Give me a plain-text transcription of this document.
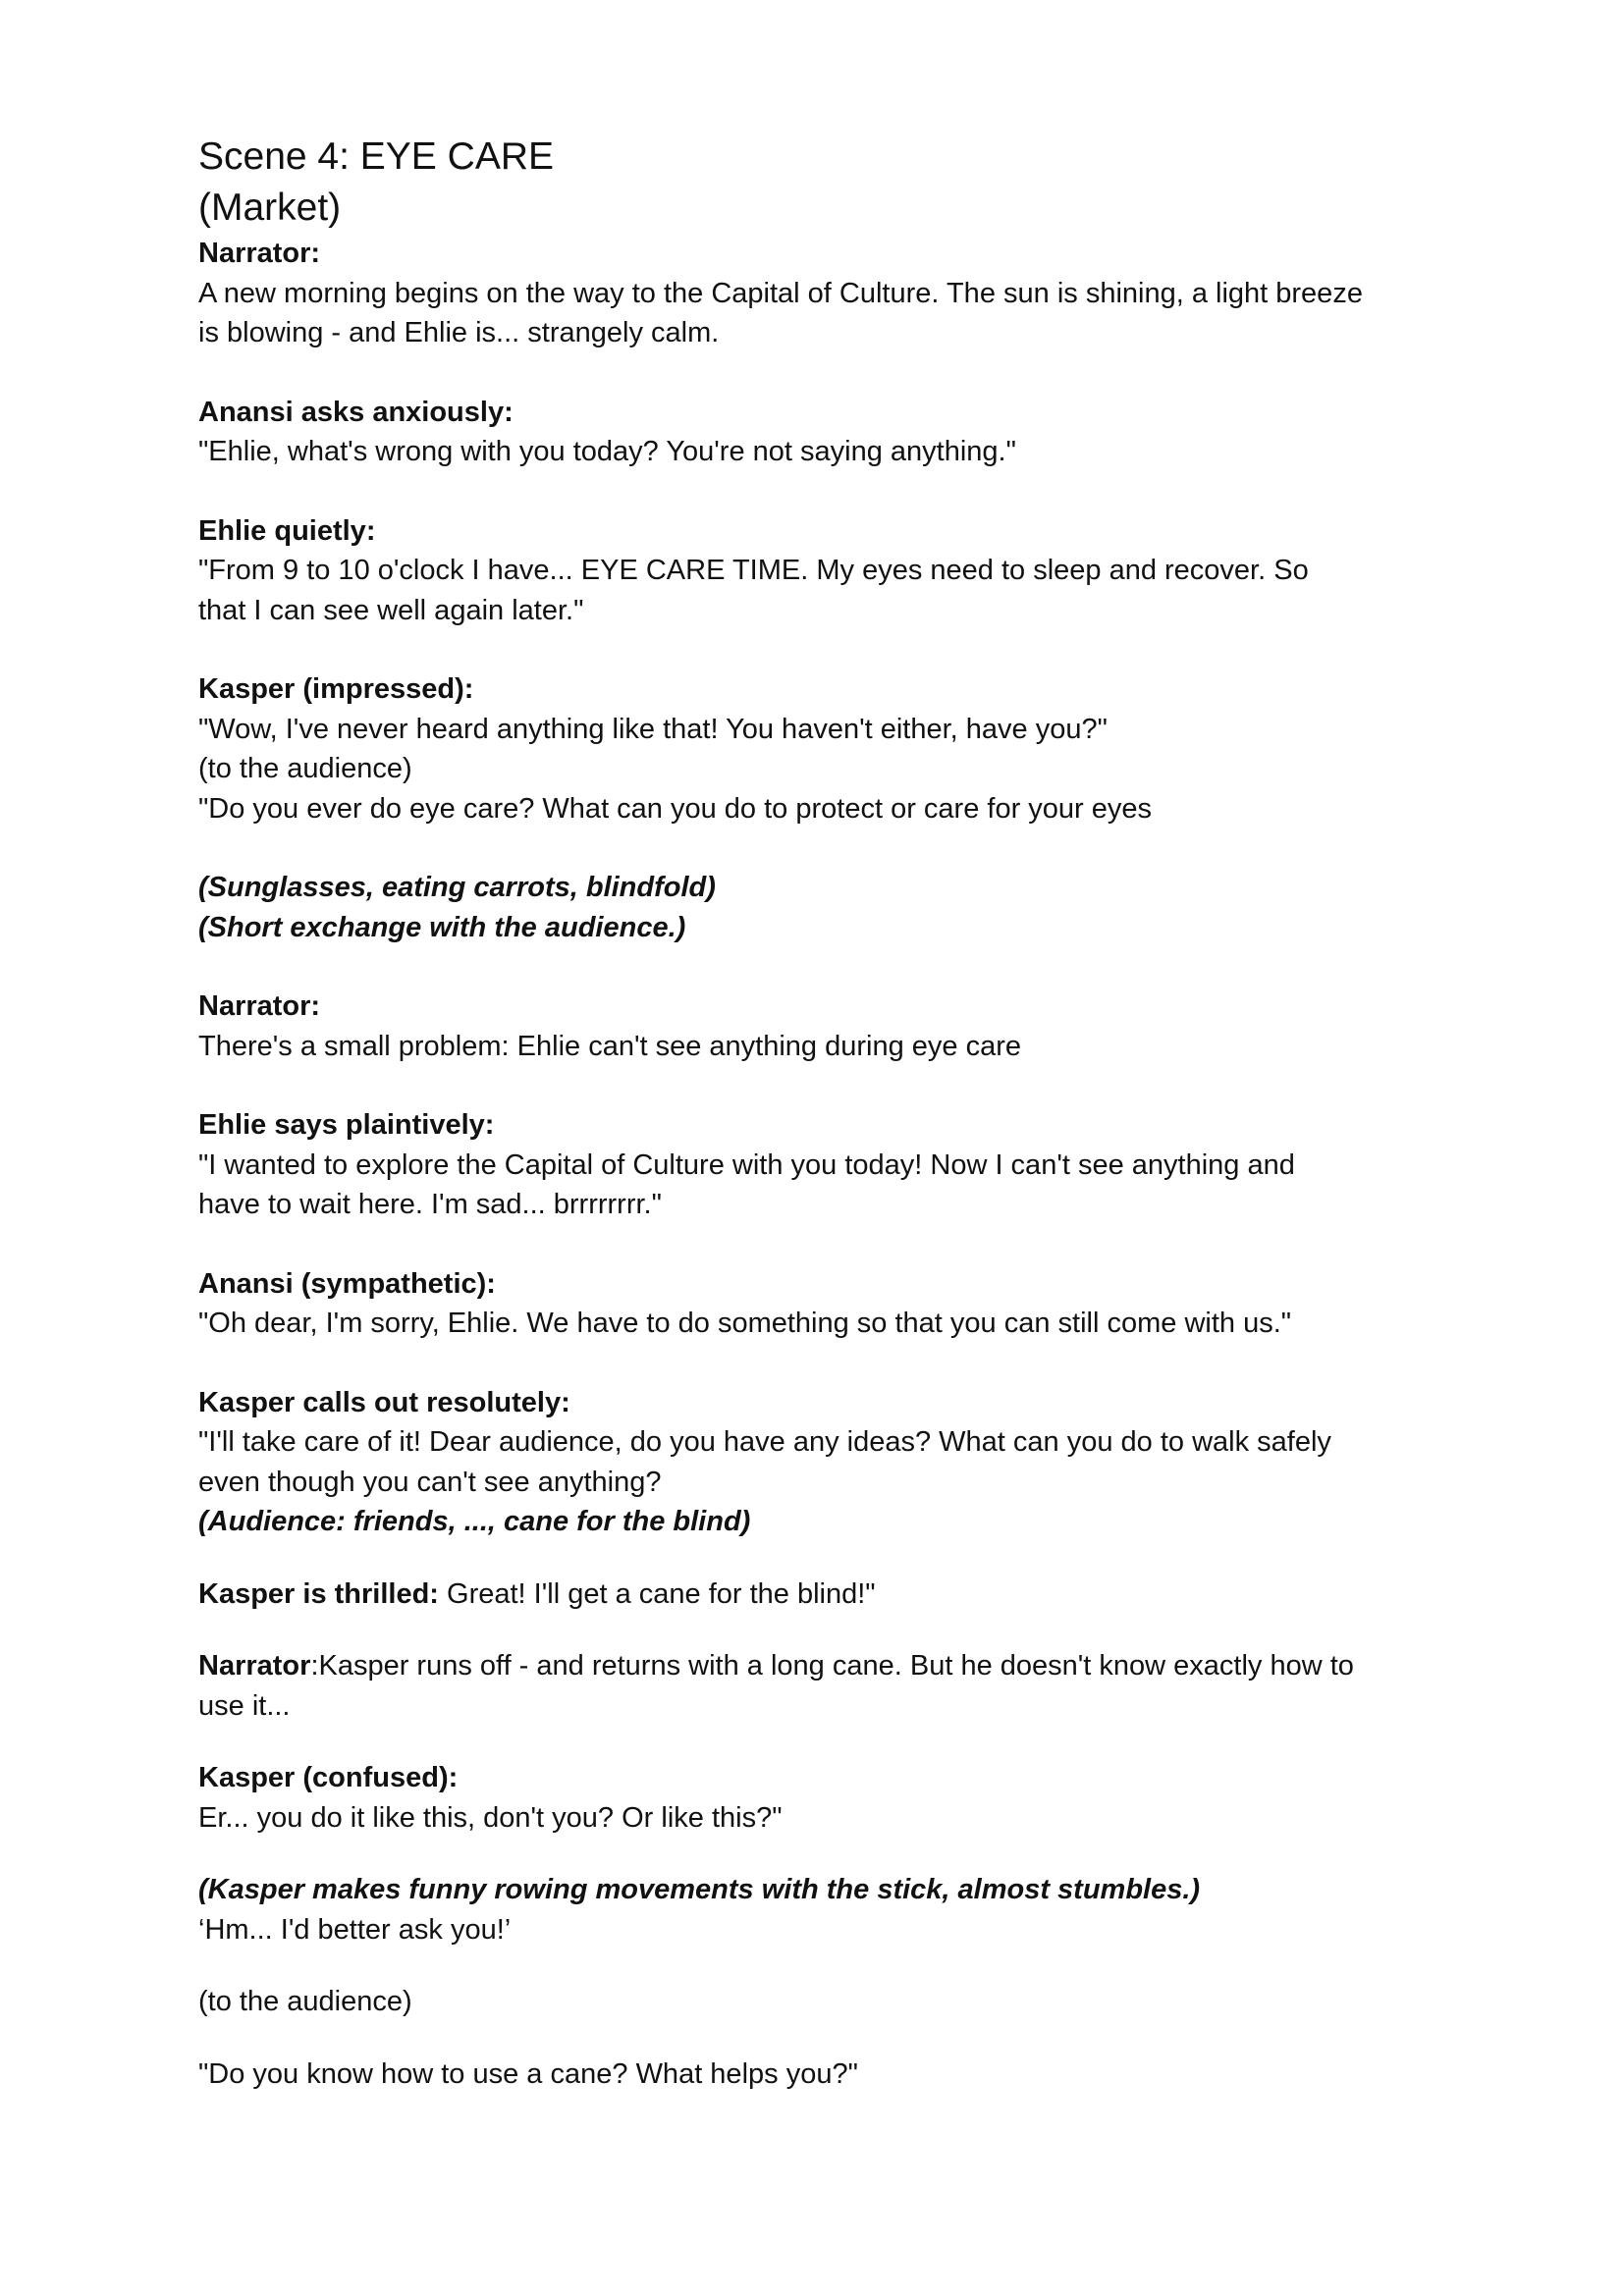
Scene 4: EYE CARE
(Market)
Narrator:
A new morning begins on the way to the Capital of Culture. The sun is shining, a light breeze
is blowing - and Ehlie is... strangely calm.
Anansi asks anxiously:
"Ehlie, what's wrong with you today? You're not saying anything."
Ehlie quietly:
"From 9 to 10 o'clock I have... EYE CARE TIME. My eyes need to sleep and recover. So
that I can see well again later."
Kasper (impressed):
"Wow, I've never heard anything like that! You haven't either, have you?"
(to the audience)
"Do you ever do eye care? What can you do to protect or care for your eyes
(Sunglasses, eating carrots, blindfold)
(Short exchange with the audience.)
Narrator:
There's a small problem: Ehlie can't see anything during eye care
Ehlie says plaintively:
"I wanted to explore the Capital of Culture with you today! Now I can't see anything and
have to wait here. I'm sad... brrrrrrrr."
Anansi (sympathetic):
"Oh dear, I'm sorry, Ehlie. We have to do something so that you can still come with us."
Kasper calls out resolutely:
"I'll take care of it! Dear audience, do you have any ideas? What can you do to walk safely
even though you can't see anything?
(Audience: friends, ..., cane for the blind)
Kasper is thrilled: Great! I'll get a cane for the blind!"
Narrator:Kasper runs off - and returns with a long cane. But he doesn't know exactly how to
use it...
Kasper (confused):
Er... you do it like this, don't you? Or like this?"
(Kasper makes funny rowing movements with the stick, almost stumbles.)
‘Hm... I'd better ask you!’
(to the audience)
"Do you know how to use a cane? What helps you?"
